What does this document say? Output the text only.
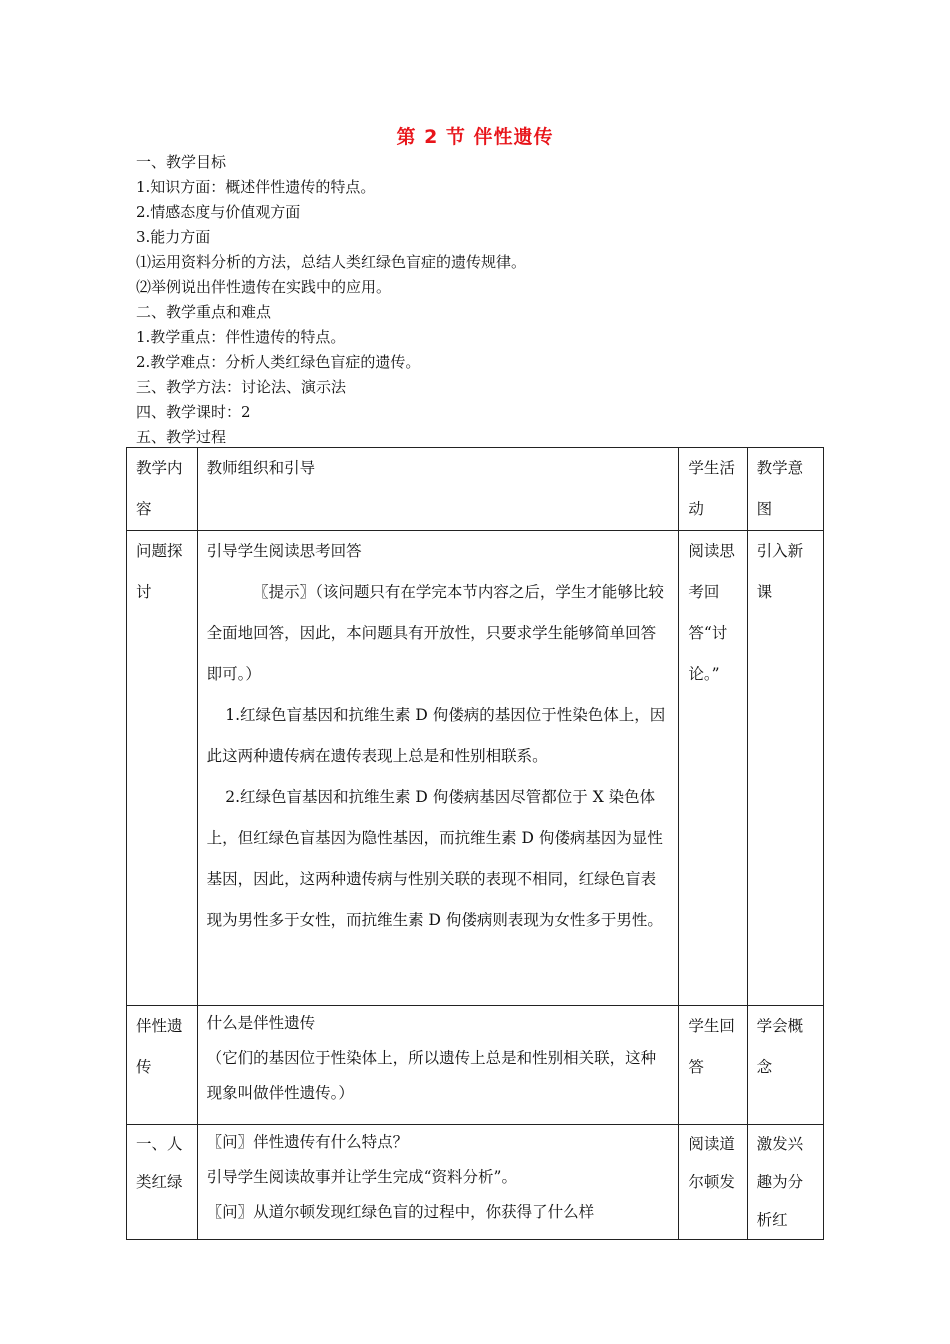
第 2 节 伴性遗传
一、教学目标
1.知识方面：概述伴性遗传的特点。
2.情感态度与价值观方面
3.能力方面
⑴运用资料分析的方法，总结人类红绿色盲症的遗传规律。
⑵举例说出伴性遗传在实践中的应用。
二、教学重点和难点
1.教学重点：伴性遗传的特点。
2.教学难点：分析人类红绿色盲症的遗传。
三、教学方法：讨论法、演示法
四、教学课时：2
五、教学过程
教学内容	教师组织和引导	学生活动	教学意图

问题探讨	引导学生阅读思考回答
〖提示〗（该问题只有在学完本节内容之后，学生才能够比较全面地回答，因此，本问题具有开放性，只要求学生能够简单回答即可。）
1.红绿色盲基因和抗维生素 D 佝偻病的基因位于性染色体上，因此这两种遗传病在遗传表现上总是和性别相联系。
2.红绿色盲基因和抗维生素 D 佝偻病基因尽管都位于 X 染色体上，但红绿色盲基因为隐性基因，而抗维生素 D 佝偻病基因为显性基因，因此，这两种遗传病与性别关联的表现不相同，红绿色盲表现为男性多于女性，而抗维生素 D 佝偻病则表现为女性多于男性。	阅读思考回答“讨论。”	引入新课

伴性遗传	什么是伴性遗传
（它们的基因位于性染体上，所以遗传上总是和性别相关联，这种现象叫做伴性遗传。）	学生回答	学会概念

一、人类红绿	〖问〗伴性遗传有什么特点？
引导学生阅读故事并让学生完成“资料分析”。
〖问〗从道尔顿发现红绿色盲的过程中，你获得了什么样	阅读道尔顿发	激发兴趣为分析红
